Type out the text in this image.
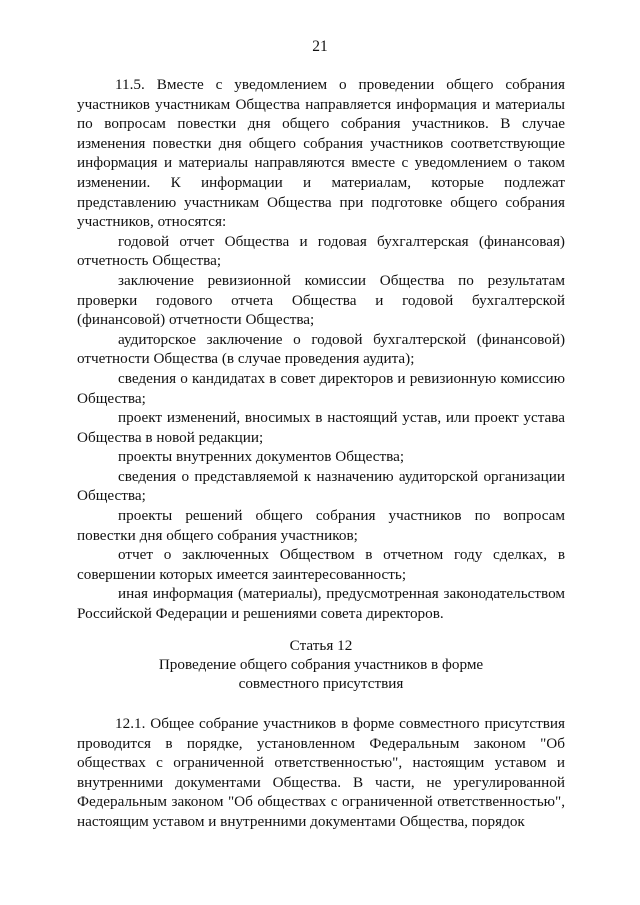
21

11.5. Вместе с уведомлением о проведении общего собрания участников участникам Общества направляется информация и материалы по вопросам повестки дня общего собрания участников. В случае изменения повестки дня общего собрания участников соответствующие информация и материалы направляются вместе с уведомлением о таком изменении. К информации и материалам, которые подлежат представлению участникам Общества при подготовке общего собрания участников, относятся:

годовой отчет Общества и годовая бухгалтерская (финансовая) отчетность Общества;

заключение ревизионной комиссии Общества по результатам проверки годового отчета Общества и годовой бухгалтерской (финансовой) отчетности Общества;

аудиторское заключение о годовой бухгалтерской (финансовой) отчетности Общества (в случае проведения аудита);

сведения о кандидатах в совет директоров и ревизионную комиссию Общества;

проект изменений, вносимых в настоящий устав, или проект устава Общества в новой редакции;

проекты внутренних документов Общества;

сведения о представляемой к назначению аудиторской организации Общества;

проекты решений общего собрания участников по вопросам повестки дня общего собрания участников;

отчет о заключенных Обществом в отчетном году сделках, в совершении которых имеется заинтересованность;

иная информация (материалы), предусмотренная законодательством Российской Федерации и решениями совета директоров.

Статья 12

Проведение общего собрания участников в форме

совместного присутствия

12.1. Общее собрание участников в форме совместного присутствия проводится в порядке, установленном Федеральным законом "Об обществах с ограниченной ответственностью", настоящим уставом и внутренними документами Общества. В части, не урегулированной Федеральным законом "Об обществах с ограниченной ответственностью", настоящим уставом и внутренними документами Общества, порядок
